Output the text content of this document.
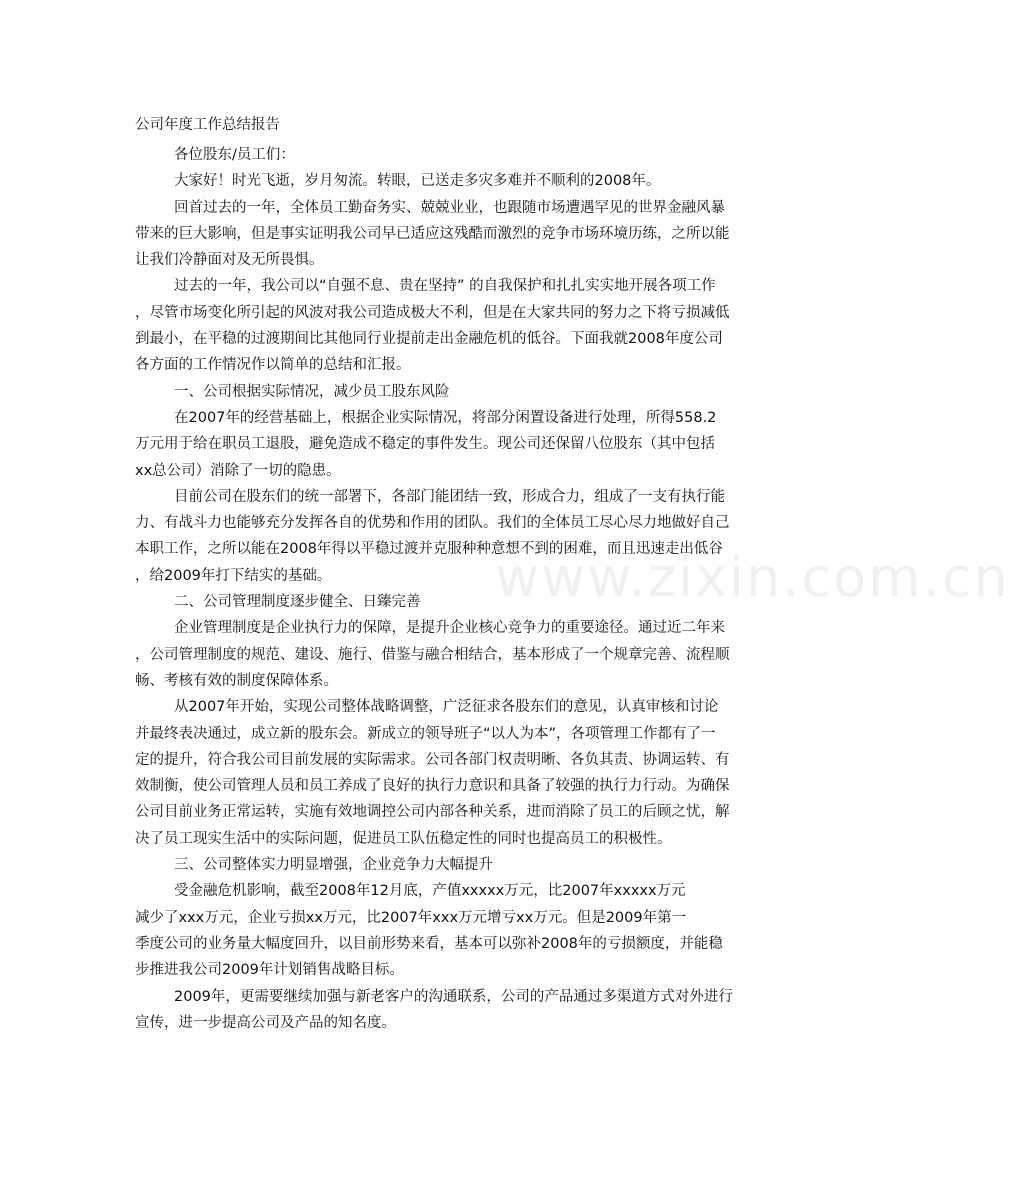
www.zixin.com.cn
公司年度工作总结报告
各位股东/员工们：
大家好！时光飞逝，岁月匆流。转眼，已送走多灾多难并不顺利的2008年。
回首过去的一年，全体员工勤奋务实、兢兢业业，也跟随市场遭遇罕见的世界金融风暴
带来的巨大影响，但是事实证明我公司早已适应这残酷而激烈的竞争市场环境历练，之所以能
让我们冷静面对及无所畏惧。
过去的一年，我公司以“自强不息、贵在坚持” 的自我保护和扎扎实实地开展各项工作
，尽管市场变化所引起的风波对我公司造成极大不利，但是在大家共同的努力之下将亏损减低
到最小，在平稳的过渡期间比其他同行业提前走出金融危机的低谷。下面我就2008年度公司
各方面的工作情况作以简单的总结和汇报。
一、公司根据实际情况，减少员工股东风险
在2007年的经营基础上，根据企业实际情况，将部分闲置设备进行处理，所得558.2
万元用于给在职员工退股，避免造成不稳定的事件发生。现公司还保留八位股东（其中包括
xx总公司）消除了一切的隐患。
目前公司在股东们的统一部署下，各部门能团结一致，形成合力，组成了一支有执行能
力、有战斗力也能够充分发挥各自的优势和作用的团队。我们的全体员工尽心尽力地做好自己
本职工作，之所以能在2008年得以平稳过渡并克服种种意想不到的困难，而且迅速走出低谷
，给2009年打下结实的基础。
二、公司管理制度逐步健全、日臻完善
企业管理制度是企业执行力的保障，是提升企业核心竞争力的重要途径。通过近二年来
，公司管理制度的规范、建设、施行、借鉴与融合相结合，基本形成了一个规章完善、流程顺
畅、考核有效的制度保障体系。
从2007年开始，实现公司整体战略调整，广泛征求各股东们的意见，认真审核和讨论
并最终表决通过，成立新的股东会。新成立的领导班子“以人为本”，各项管理工作都有了一
定的提升，符合我公司目前发展的实际需求。公司各部门权责明晰、各负其责、协调运转、有
效制衡，使公司管理人员和员工养成了良好的执行力意识和具备了较强的执行力行动。为确保
公司目前业务正常运转，实施有效地调控公司内部各种关系，进而消除了员工的后顾之忧，解
决了员工现实生活中的实际问题，促进员工队伍稳定性的同时也提高员工的积极性。
三、公司整体实力明显增强，企业竞争力大幅提升
受金融危机影响，截至2008年12月底，产值xxxxx万元，比2007年xxxxx万元
减少了xxx万元，企业亏损xx万元，比2007年xxx万元增亏xx万元。但是2009年第一
季度公司的业务量大幅度回升，以目前形势来看，基本可以弥补2008年的亏损额度，并能稳
步推进我公司2009年计划销售战略目标。
2009年，更需要继续加强与新老客户的沟通联系，公司的产品通过多渠道方式对外进行
宣传，进一步提高公司及产品的知名度。
